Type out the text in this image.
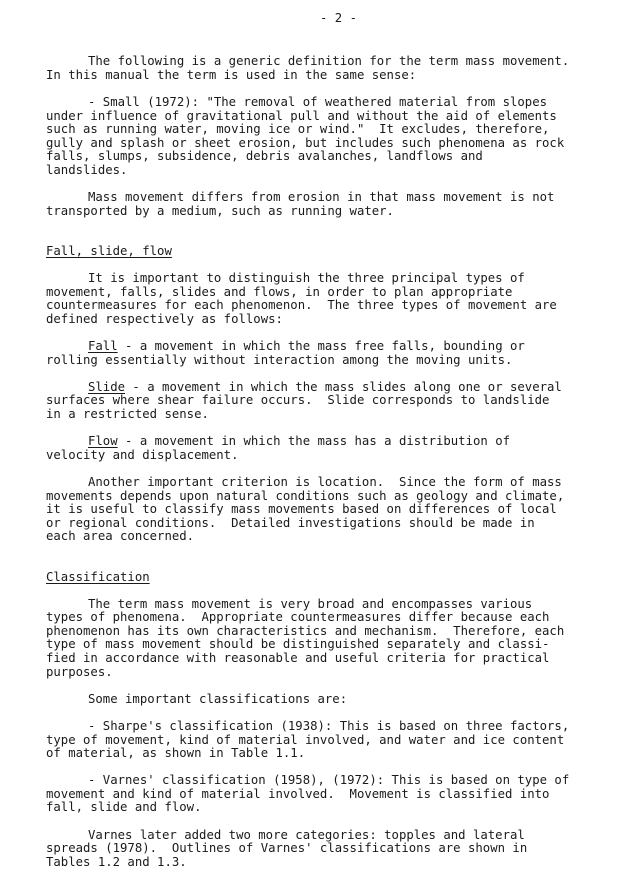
- 2 -
The following is a generic definition for the term mass movement.
In this manual the term is used in the same sense:
- Small (1972): "The removal of weathered material from slopes
under influence of gravitational pull and without the aid of elements
such as running water, moving ice or wind."  It excludes, therefore,
gully and splash or sheet erosion, but includes such phenomena as rock
falls, slumps, subsidence, debris avalanches, landflows and
landslides.
Mass movement differs from erosion in that mass movement is not
transported by a medium, such as running water.
Fall, slide, flow
It is important to distinguish the three principal types of
movement, falls, slides and flows, in order to plan appropriate
countermeasures for each phenomenon.  The three types of movement are
defined respectively as follows:
Fall - a movement in which the mass free falls, bounding or
rolling essentially without interaction among the moving units.
Slide - a movement in which the mass slides along one or several
surfaces where shear failure occurs.  Slide corresponds to landslide
in a restricted sense.
Flow - a movement in which the mass has a distribution of
velocity and displacement.
Another important criterion is location.  Since the form of mass
movements depends upon natural conditions such as geology and climate,
it is useful to classify mass movements based on differences of local
or regional conditions.  Detailed investigations should be made in
each area concerned.
Classification
The term mass movement is very broad and encompasses various
types of phenomena.  Appropriate countermeasures differ because each
phenomenon has its own characteristics and mechanism.  Therefore, each
type of mass movement should be distinguished separately and classi-
fied in accordance with reasonable and useful criteria for practical
purposes.
Some important classifications are:
- Sharpe's classification (1938): This is based on three factors,
type of movement, kind of material involved, and water and ice content
of material, as shown in Table 1.1.
- Varnes' classification (1958), (1972): This is based on type of
movement and kind of material involved.  Movement is classified into
fall, slide and flow.
Varnes later added two more categories: topples and lateral
spreads (1978).  Outlines of Varnes' classifications are shown in
Tables 1.2 and 1.3.
